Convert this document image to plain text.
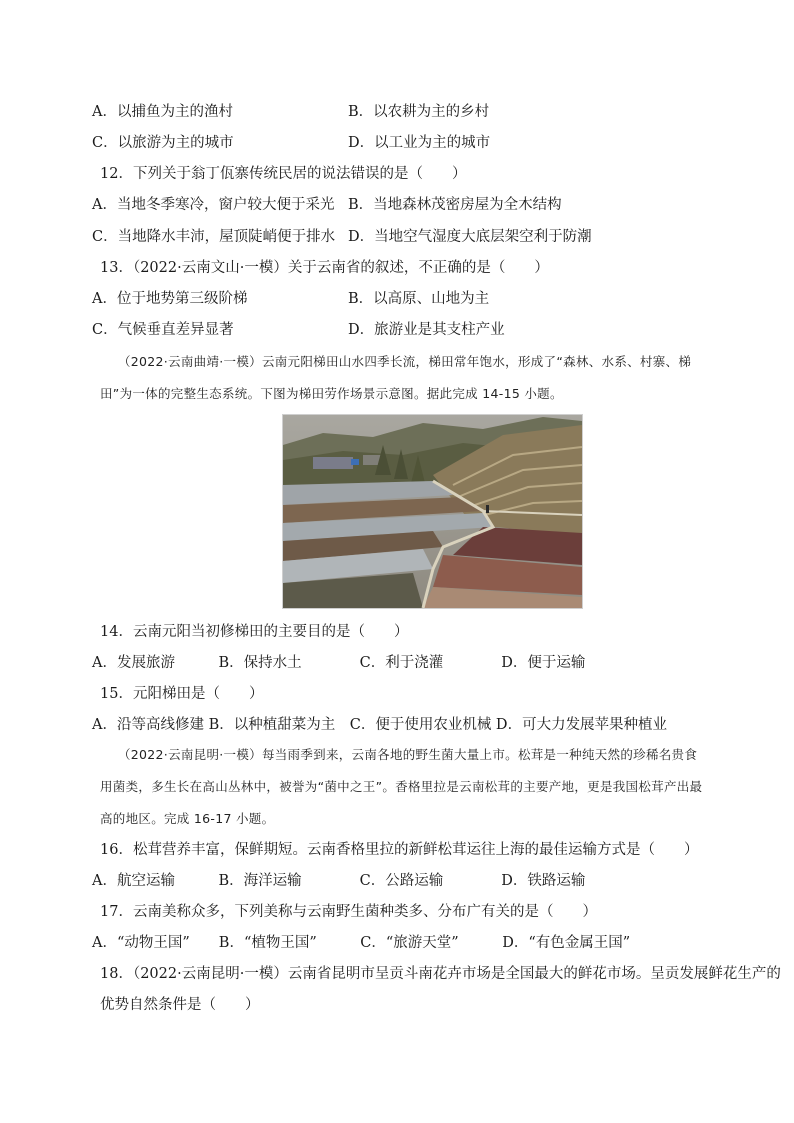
A．以捕鱼为主的渔村	B．以农耕为主的乡村
C．以旅游为主的城市	D．以工业为主的城市
12．下列关于翁丁佤寨传统民居的说法错误的是（　　）
A．当地冬季寒冷，窗户较大便于采光 B．当地森林茂密房屋为全木结构
C．当地降水丰沛，屋顶陡峭便于排水 D．当地空气湿度大底层架空利于防潮
13．（2022·云南文山·一模）关于云南省的叙述，不正确的是（　　）
A．位于地势第三级阶梯	B．以高原、山地为主
C．气候垂直差异显著	D．旅游业是其支柱产业
（2022·云南曲靖·一模）云南元阳梯田山水四季长流，梯田常年饱水，形成了“森林、水系、村寨、梯
田”为一体的完整生态系统。下图为梯田劳作场景示意图。据此完成 14-15 小题。
14．云南元阳当初修梯田的主要目的是（　　）
A．发展旅游　　　B．保持水土　　　　C．利于浇灌　　　　D．便于运输
15．元阳梯田是（　　）
A．沿等高线修建 B．以种植甜菜为主　C．便于使用农业机械 D．可大力发展苹果种植业
（2022·云南昆明·一模）每当雨季到来，云南各地的野生菌大量上市。松茸是一种纯天然的珍稀名贵食
用菌类，多生长在高山丛林中，被誉为“菌中之王”。香格里拉是云南松茸的主要产地，更是我国松茸产出最
高的地区。完成 16-17 小题。
16．松茸营养丰富，保鲜期短。云南香格里拉的新鲜松茸运往上海的最佳运输方式是（　　）
A．航空运输　　　B．海洋运输　　　　C．公路运输　　　　D．铁路运输
17．云南美称众多，下列美称与云南野生菌种类多、分布广有关的是（　　）
A．“动物王国”　　B．“植物王国”　　　C．“旅游天堂”　　　D．“有色金属王国”
18．（2022·云南昆明·一模）云南省昆明市呈贡斗南花卉市场是全国最大的鲜花市场。呈贡发展鲜花生产的
优势自然条件是（　　）
